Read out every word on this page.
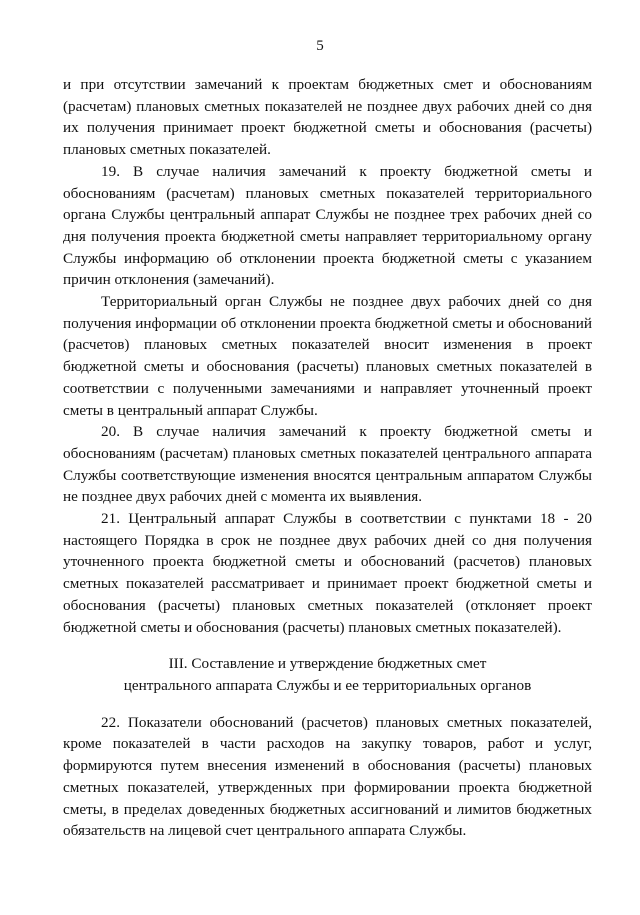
5

и при отсутствии замечаний к проектам бюджетных смет и обоснованиям (расчетам) плановых сметных показателей не позднее двух рабочих дней со дня их получения принимает проект бюджетной сметы и обоснования (расчеты) плановых сметных показателей.

19. В случае наличия замечаний к проекту бюджетной сметы и обоснованиям (расчетам) плановых сметных показателей территориального органа Службы центральный аппарат Службы не позднее трех рабочих дней со дня получения проекта бюджетной сметы направляет территориальному органу Службы информацию об отклонении проекта бюджетной сметы с указанием причин отклонения (замечаний).

Территориальный орган Службы не позднее двух рабочих дней со дня получения информации об отклонении проекта бюджетной сметы и обоснований (расчетов) плановых сметных показателей вносит изменения в проект бюджетной сметы и обоснования (расчеты) плановых сметных показателей в соответствии с полученными замечаниями и направляет уточненный проект сметы в центральный аппарат Службы.

20. В случае наличия замечаний к проекту бюджетной сметы и обоснованиям (расчетам) плановых сметных показателей центрального аппарата Службы соответствующие изменения вносятся центральным аппаратом Службы не позднее двух рабочих дней с момента их выявления.

21. Центральный аппарат Службы в соответствии с пунктами 18 - 20 настоящего Порядка в срок не позднее двух рабочих дней со дня получения уточненного проекта бюджетной сметы и обоснований (расчетов) плановых сметных показателей рассматривает и принимает проект бюджетной сметы и обоснования (расчеты) плановых сметных показателей (отклоняет проект бюджетной сметы и обоснования (расчеты) плановых сметных показателей).

III. Составление и утверждение бюджетных смет
центрального аппарата Службы и ее территориальных органов

22. Показатели обоснований (расчетов) плановых сметных показателей, кроме показателей в части расходов на закупку товаров, работ и услуг, формируются путем внесения изменений в обоснования (расчеты) плановых сметных показателей, утвержденных при формировании проекта бюджетной сметы, в пределах доведенных бюджетных ассигнований и лимитов бюджетных обязательств на лицевой счет центрального аппарата Службы.
